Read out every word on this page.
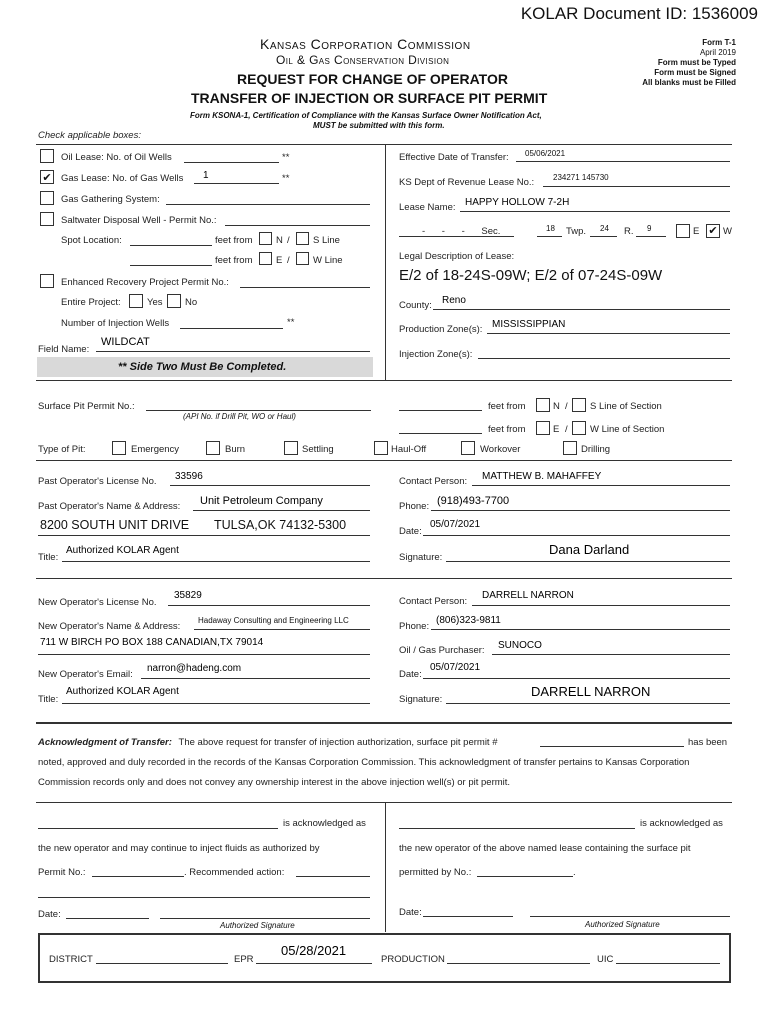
KOLAR Document ID: 1536009
Kansas Corporation Commission
Oil & Gas Conservation Division
REQUEST FOR CHANGE OF OPERATOR
TRANSFER OF INJECTION OR SURFACE PIT PERMIT
Form KSONA-1, Certification of Compliance with the Kansas Surface Owner Notification Act,
MUST be submitted with this form.
Form T-1
April 2019
Form must be Typed
Form must be Signed
All blanks must be Filled
Check applicable boxes:
Oil Lease: No. of Oil Wells	**
✔ Gas Lease: No. of Gas Wells 1	**
Gas Gathering System:
Saltwater Disposal Well - Permit No.:
Spot Location:	feet from N / S Line
feet from E / W Line
Enhanced Recovery Project Permit No.:
Entire Project:	Yes No
Number of Injection Wells	**
Field Name:
WILDCAT
** Side Two Must Be Completed.
Effective Date of Transfer: 05/06/2021
KS Dept of Revenue Lease No.: 234271 145730
Lease Name: HAPPY HOLLOW 7-2H
- - - Sec.	18 Twp. 24 R. 9	E ✔ W
Legal Description of Lease:
E/2 of 18-24S-09W; E/2 of 07-24S-09W
County: Reno
Production Zone(s): MISSISSIPPIAN
Injection Zone(s):
Surface Pit Permit No.:
(API No. if Drill Pit, WO or Haul)
feet from	N / S Line of Section
feet from	E / W Line of Section
Type of Pit:	Emergency	Burn	Settling	Haul-Off	Workover	Drilling
Past Operator's License No. 33596	Contact Person: MATTHEW B. MAHAFFEY
Past Operator's Name & Address: Unit Petroleum Company	Phone: (918)493-7700
8200 SOUTH UNIT DRIVE TULSA,OK 74132-5300	Date:
05/07/2021
Title:
Authorized KOLAR Agent
Signature:
Dana Darland
New Operator's License No.
35829
Contact Person:
DARRELL NARRON
New Operator's Name & Address:
Hadaway Consulting and Engineering LLC
Phone:
(806)323-9811
711 W BIRCH PO BOX 188 CANADIAN,TX 79014
Oil / Gas Purchaser: SUNOCO
New Operator's Email:
narron@hadeng.com
Date:
05/07/2021
Title:
Authorized KOLAR Agent
Signature:
DARRELL NARRON
Acknowledgment of Transfer: The above request for transfer of injection authorization, surface pit permit #	has been
noted, approved and duly recorded in the records of the Kansas Corporation Commission. This acknowledgment of transfer pertains to Kansas Corporation
Commission records only and does not convey any ownership interest in the above injection well(s) or pit permit.
is acknowledged as
the new operator and may continue to inject fluids as authorized by
Permit No.:	. Recommended action:
Date:
Authorized Signature
is acknowledged as
the new operator of the above named lease containing the surface pit
permitted by No.:	.
Date:
Authorized Signature
DISTRICT	EPR
05/28/2021
PRODUCTION	UIC
